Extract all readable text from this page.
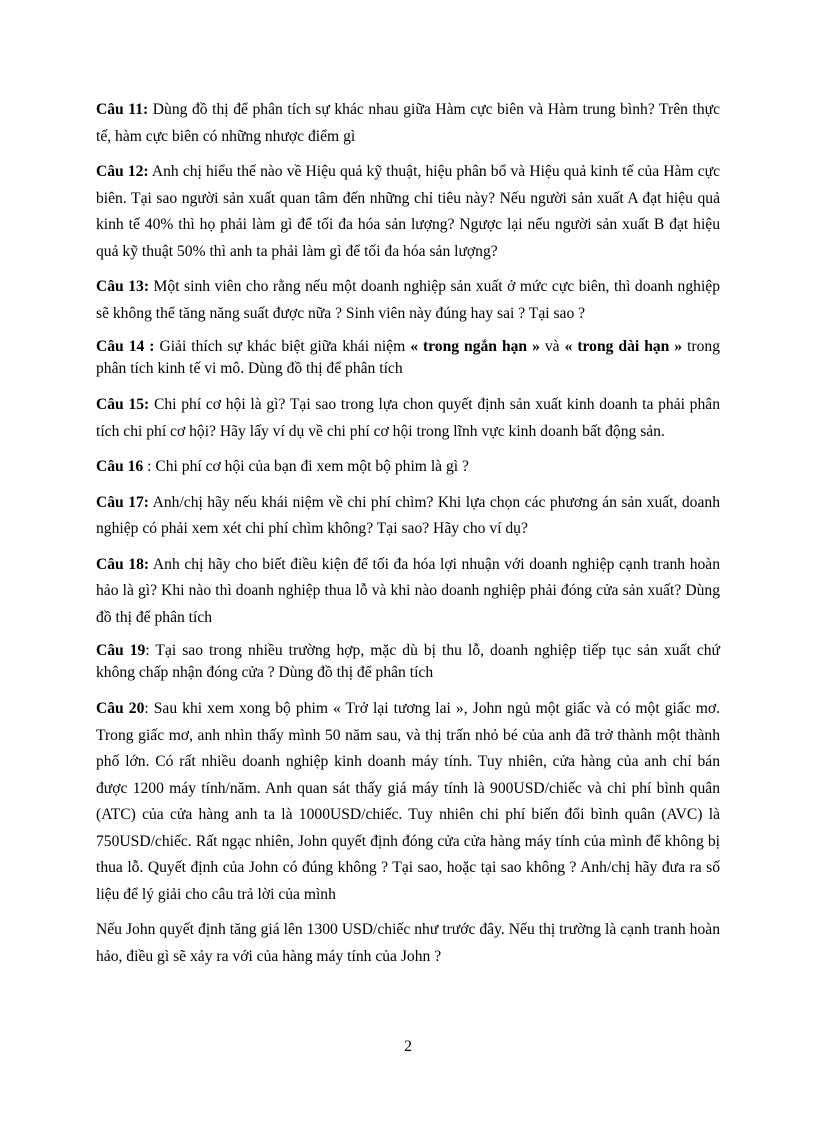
Câu 11: Dùng đồ thị để phân tích sự khác nhau giữa Hàm cực biên và Hàm trung bình? Trên thực tế, hàm cực biên có những nhược điểm gì

Câu 12: Anh chị hiểu thế nào về Hiệu quả kỹ thuật, hiệu phân bổ và Hiệu quả kinh tế của Hàm cực biên. Tại sao người sản xuất quan tâm đến những chỉ tiêu này? Nếu người sản xuất A đạt hiệu quả kinh tế 40% thì họ phải làm gì để tối đa hóa sản lượng? Ngược lại nếu người sản xuất B đạt hiệu quả kỹ thuật 50% thì anh ta phải làm gì để tối đa hóa sản lượng?

Câu 13: Một sinh viên cho rằng nếu một doanh nghiệp sản xuất ở mức cực biên, thì doanh nghiệp sẽ không thể tăng năng suất được nữa ? Sinh viên này đúng hay sai ? Tại sao ?

Câu 14 : Giải thích sự khác biệt giữa khái niệm « trong ngắn hạn » và « trong dài hạn » trong phân tích kinh tế vi mô. Dùng đồ thị để phân tích

Câu 15: Chi phí cơ hội là gì? Tại sao trong lựa chon quyết định sản xuất kinh doanh ta phải phân tích chi phí cơ hội? Hãy lấy ví dụ về chi phí cơ hội trong lĩnh vực kinh doanh bất động sản.

Câu 16 : Chi phí cơ hội của bạn đi xem một bộ phim là gì ?

Câu 17: Anh/chị hãy nếu khái niệm về chi phí chìm? Khi lựa chọn các phương án sản xuất, doanh nghiệp có phải xem xét chi phí chìm không? Tại sao? Hãy cho ví dụ?

Câu 18: Anh chị hãy cho biết điều kiện để tối đa hóa lợi nhuận với doanh nghiệp cạnh tranh hoàn hảo là gì? Khi nào thì doanh nghiệp thua lỗ và khi nào doanh nghiệp phải đóng cửa sản xuất? Dùng đồ thị để phân tích

Câu 19: Tại sao trong nhiều trường hợp, mặc dù bị thu lỗ, doanh nghiệp tiếp tục sản xuất chứ không chấp nhận đóng cửa ? Dùng đồ thị để phân tích

Câu 20: Sau khi xem xong bộ phim « Trở lại tương lai », John ngủ một giấc và có một giấc mơ. Trong giấc mơ, anh nhìn thấy mình 50 năm sau, và thị trấn nhỏ bé của anh đã trở thành một thành phố lớn. Có rất nhiều doanh nghiệp kinh doanh máy tính. Tuy nhiên, cửa hàng của anh chỉ bán được 1200 máy tính/năm. Anh quan sát thấy giá máy tính là 900USD/chiếc và chi phí bình quân (ATC) của cửa hàng anh ta là 1000USD/chiếc. Tuy nhiên chi phí biến đổi bình quân (AVC) là 750USD/chiếc. Rất ngạc nhiên, John quyết định đóng cửa cửa hàng máy tính của mình để không bị thua lỗ. Quyết định của John có đúng không ? Tại sao, hoặc tại sao không ? Anh/chị hãy đưa ra số liệu để lý giải cho câu trả lời của mình

Nếu John quyết định tăng giá lên 1300 USD/chiếc như trước đây. Nếu thị trường là cạnh tranh hoàn hảo, điều gì sẽ xảy ra với của hàng máy tính của John ?

2
